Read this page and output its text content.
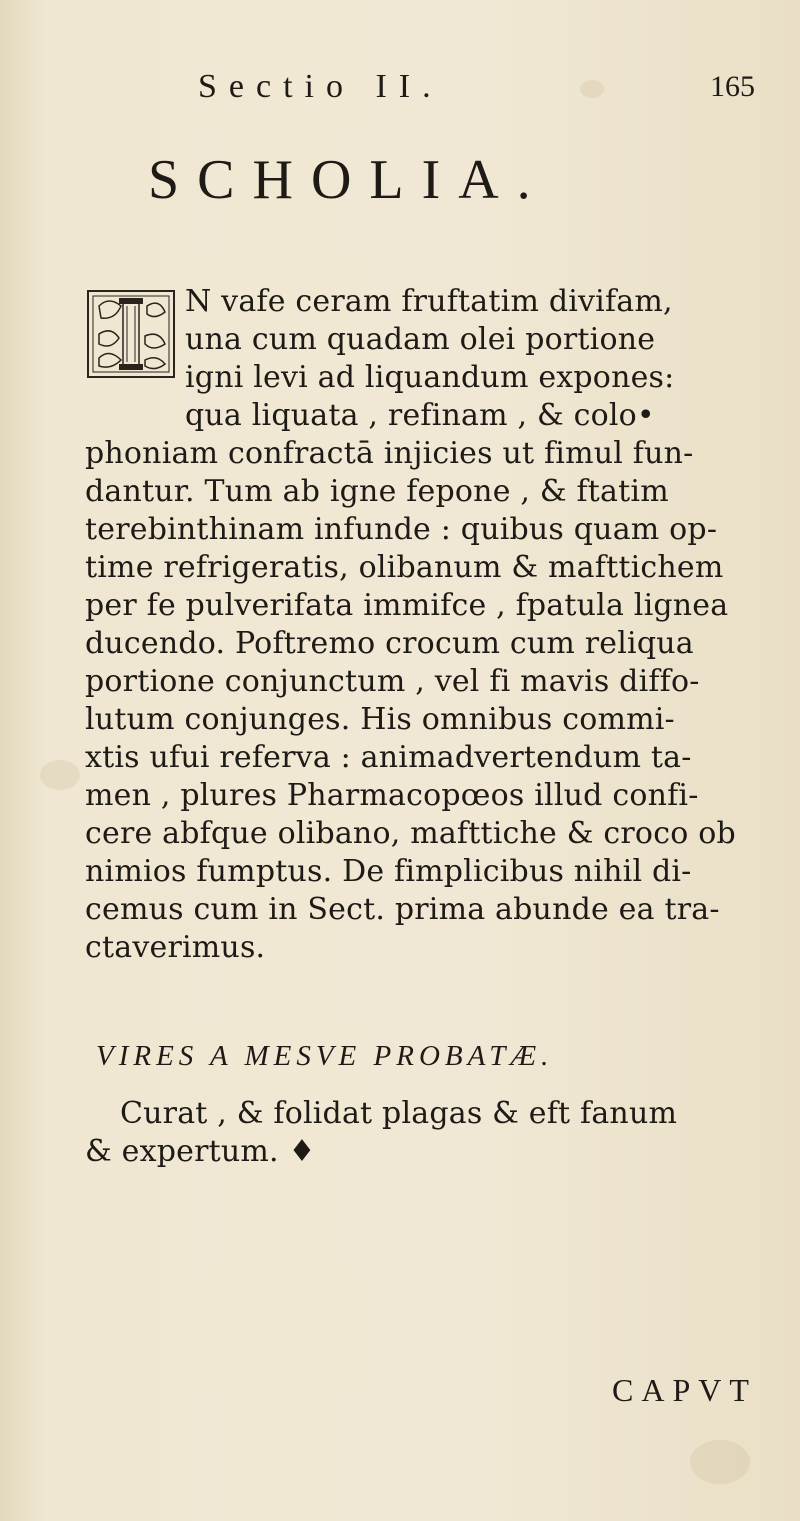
Sectio II.	165
SCHOLIA.
N vafe ceram fruftatim divifam,
una cum quadam olei portione
igni levi ad liquandum expones:
qua liquata , refinam , & colo•
phoniam confractā injicies ut fimul fun-
dantur. Tum ab igne fepone , & ftatim
terebinthinam infunde : quibus quam op-
time refrigeratis, olibanum & mafttichem
per fe pulverifata immifce , fpatula lignea
ducendo. Poftremo crocum cum reliqua
portione conjunctum , vel fi mavis diffo-
lutum conjunges. His omnibus commi-
xtis ufui referva : animadvertendum ta-
men , plures Pharmacopœos illud confi-
cere abfque olibano, mafttiche & croco ob
nimios fumptus. De fimplicibus nihil di-
cemus cum in Sect. prima abunde ea tra-
ctaverimus.
VIRES A MESVE PROBATÆ.
Curat , & folidat plagas & eft fanum
& expertum. ♦
CAPVT
